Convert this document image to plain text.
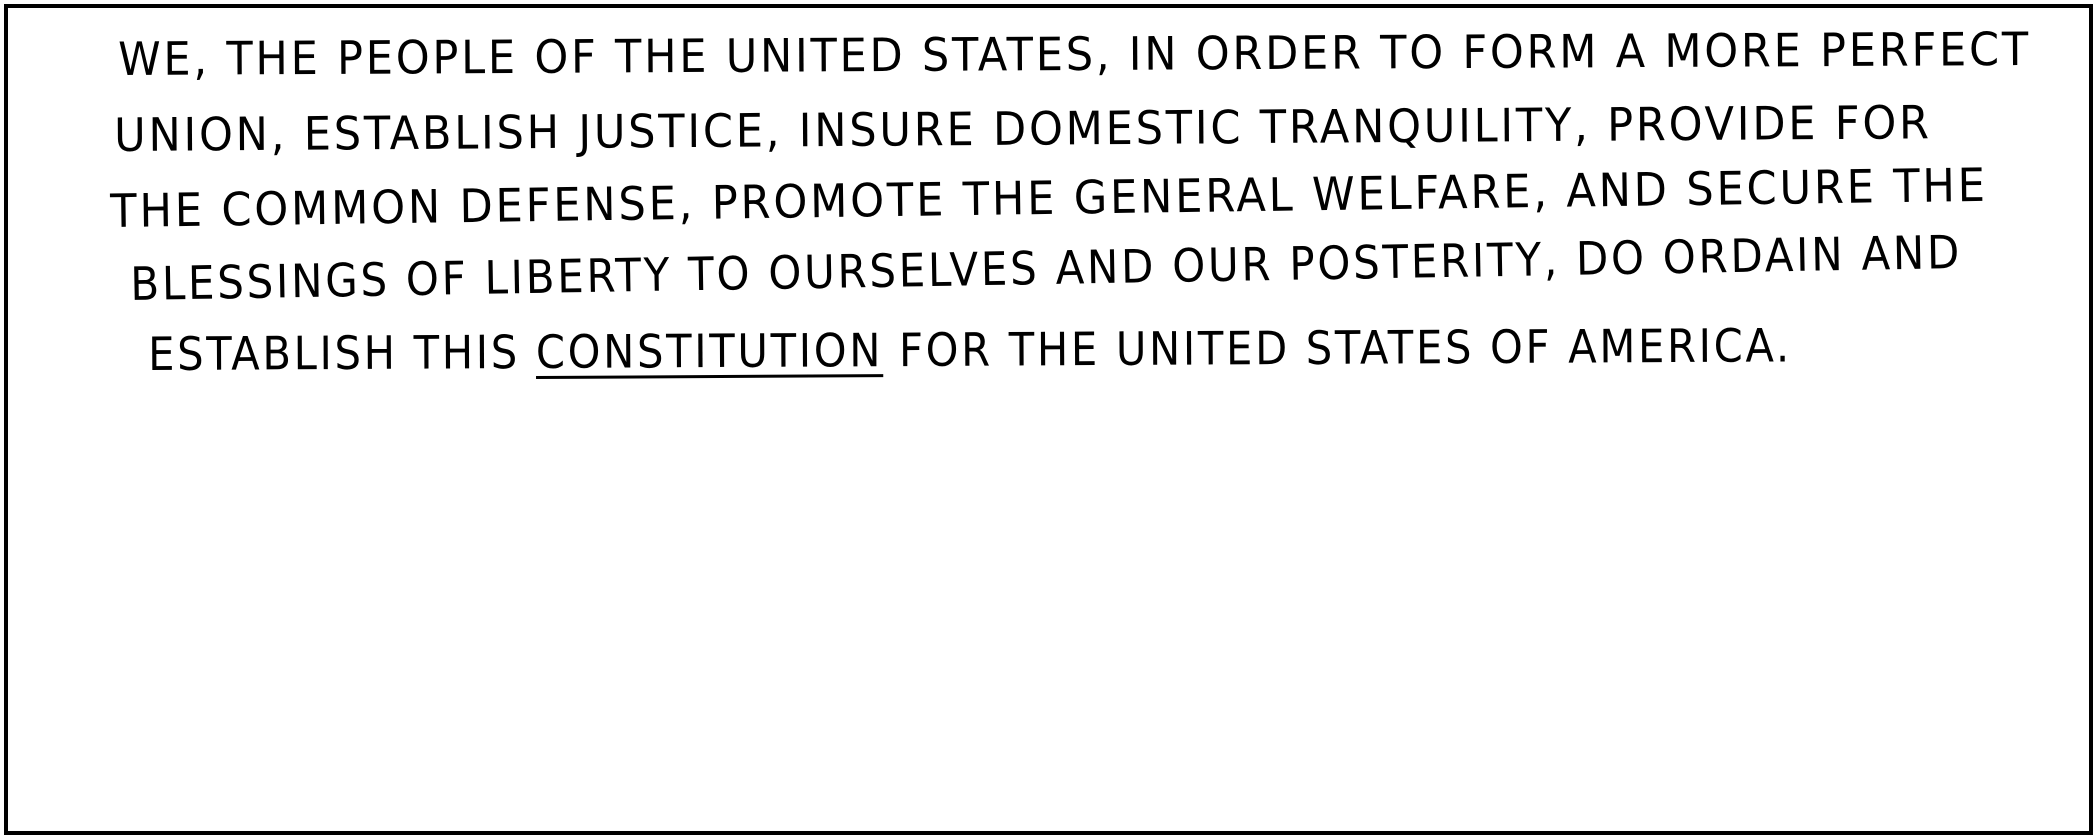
WE, THE PEOPLE OF THE UNITED STATES, IN ORDER TO FORM A MORE PERFECT
UNION, ESTABLISH JUSTICE, INSURE DOMESTIC TRANQUILITY, PROVIDE FOR
THE COMMON DEFENSE, PROMOTE THE GENERAL WELFARE, AND SECURE THE
BLESSINGS OF LIBERTY TO OURSELVES AND OUR POSTERITY, DO ORDAIN AND
ESTABLISH THIS CONSTITUTION FOR THE UNITED STATES OF AMERICA.
